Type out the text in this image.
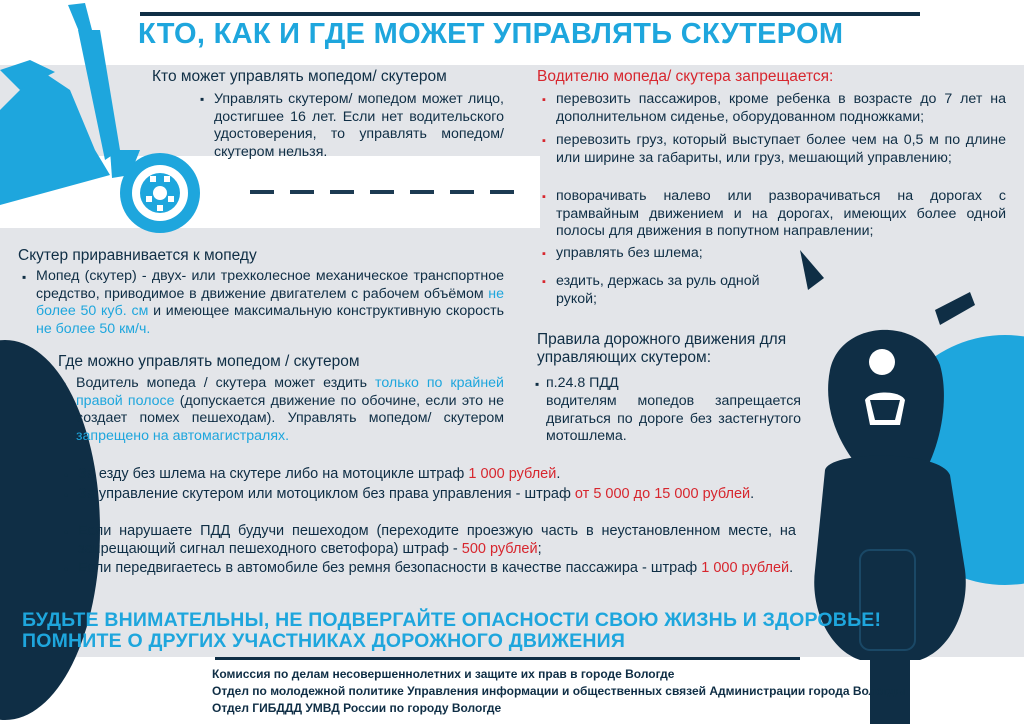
КТО, КАК И ГДЕ МОЖЕТ УПРАВЛЯТЬ СКУТЕРОМ
Кто может управлять мопедом/ скутером
▪ Управлять скутером/ мопедом может лицо, достигшее 16 лет. Если нет водительского удостоверения, то управлять мопедом/ скутером нельзя.
Скутер приравнивается к мопеду
▪ Мопед (скутер) - двух- или трехколесное механическое транспортное средство, приводимое в движение двигателем с рабочем объёмом не более 50 куб. см и имеющее максимальную конструктивную скорость не более 50 км/ч.
Где можно управлять мопедом / скутером
▪ Водитель мопеда / скутера может ездить только по крайней правой полосе (допускается движение по обочине, если это не создает помех пешеходам). Управлять мопедом/ скутером запрещено на автомагистралях.
Водителю мопеда/ скутера запрещается:
▪ перевозить пассажиров, кроме ребенка в возрасте до 7 лет на дополнительном сиденье, оборудованном подножками;
▪ перевозить груз, который выступает более чем на 0,5 м по длине или ширине за габариты, или груз, мешающий управлению;
▪ поворачивать налево или разворачиваться на дорогах с трамвайным движением и на дорогах, имеющих более одной полосы для движения в попутном направлении;
▪ управлять без шлема;
▪ ездить, держась за руль одной рукой;
Правила дорожного движения для управляющих скутером:
▪ п.24.8 ПДД
водителям мопедов запрещается двигаться по дороге без застегнутого мотошлема.
▪ За езду без шлема на скутере либо на мотоцикле штраф 1 000 рублей.
▪ За управление скутером или мотоциклом без права управления - штраф от 5 000 до 15 000 рублей.
▪ Если нарушаете ПДД будучи пешеходом (переходите проезжую часть в неустановленном месте, на запрещающий сигнал пешеходного светофора) штраф - 500 рублей;
▪ Если передвигаетесь в автомобиле без ремня безопасности в качестве пассажира - штраф 1 000 рублей.
БУДЬТЕ ВНИМАТЕЛЬНЫ, НЕ ПОДВЕРГАЙТЕ ОПАСНОСТИ СВОЮ ЖИЗНЬ И ЗДОРОВЬЕ!
ПОМНИТЕ О ДРУГИХ УЧАСТНИКАХ ДОРОЖНОГО ДВИЖЕНИЯ
Комиссия по делам несовершеннолетних и защите их прав в городе Вологде
Отдел по молодежной политике Управления информации и общественных связей Администрации города Вологды
Отдел ГИБДДД УМВД России по городу Вологде
